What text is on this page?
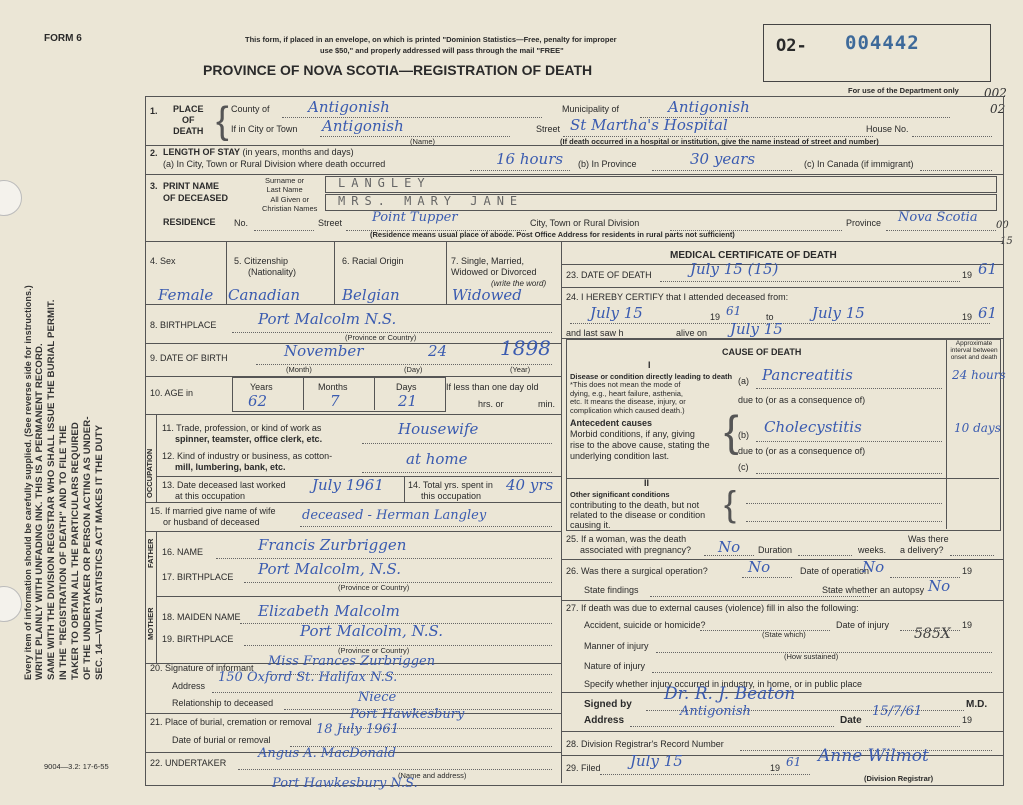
Every item of information should be carefully supplied. (See reverse side for instructions.) WRITE PLAINLY WITH UNFADING INK. THIS IS A PERMANENT RECORD. SAME WITH THE DIVISION REGISTRAR WHO SHALL ISSUE THE BURIAL PERMIT. IN THE "REGISTRATION OF DEATH" AND TO FILE THE TAKER TO OBTAIN ALL THE PARTICULARS REQUIRED OF THE UNDERTAKER OR PERSON ACTING AS UNDER- SEC. 14—VITAL STATISTICS ACT MAKES IT THE DUTY
FORM 6	This form, if placed in an envelope, on which is printed "Dominion Statistics—Free, penalty for improper
use $50," and properly addressed will pass through the mail "FREE"
PROVINCE OF NOVA SCOTIA—REGISTRATION OF DEATH
O2- 004442
For use of the Department only 002
02
00
15
1. PLACE
OF
DEATH { County of	Antigonish	Municipality of	Antigonish
If in City or Town Antigonish
(Name)
Street St Martha's Hospital	House No.
(If death occurred in a hospital or institution, give the name instead of street and number)
2. LENGTH OF STAY (in years, months and days)
(a) In City, Town or Rural Division where death occurred	16 hours (b) In Province	30 years	(c) In Canada (if immigrant)
3. PRINT NAME
OF DECEASED
Surname or
Last Name	LANGLEY
All Given or
Christian Names
MRS. MARY JANE
RESIDENCE No.	Street Point Tupper	City, Town or Rural Division	Province Nova Scotia
(Residence means usual place of abode. Post Office Address for residents in rural parts not sufficient)
4. Sex	5. Citizenship
(Nationality)
6. Racial Origin	7. Single, Married,
Widowed or Divorced
(write the word)
Female Canadian	Belgian	Widowed
8. BIRTHPLACE	Port Malcolm N.S.
(Province or Country)
9. DATE OF BIRTH	November	24	1898
(Month)	(Day)	(Year)
10. AGE in
Years	Months	Days
62	7	21
If less than one day old
hrs. or	min.
OCCUPATION
11. Trade, profession, or kind of work as
spinner, teamster, office clerk, etc.
Housewife
12. Kind of industry or business, as cotton-
mill, lumbering, bank, etc.	at home
13. Date deceased last worked
at this occupation
July 1961	14. Total yrs. spent in
this occupation
40 yrs
15. If married give name of wife
or husband of deceased	deceased - Herman Langley
FATHER 16. NAME	Francis Zurbriggen
17. BIRTHPLACE Port Malcolm, N.S.
(Province or Country)
MOTHER 18. MAIDEN NAME Elizabeth Malcolm
19. BIRTHPLACE	Port Malcolm, N.S.
(Province or Country)
20. Signature of informant Miss Frances Zurbriggen
Address
150 Oxford St. Halifax N.S.
Relationship to deceased	Niece
21. Place of burial, cremation or removal	Port Hawkesbury
Date of burial or removal
18 July 1961
22. UNDERTAKER
Angus A. MacDonald
(Name and address)
Port Hawkesbury N.S.
9004—3.2: 17-6-55
MEDICAL CERTIFICATE OF DEATH
23. DATE OF DEATH	July 15 (15)	19 61
24. I HEREBY CERTIFY that I attended deceased from:
July 15	19 61	to	July 15	19 61
and last saw h	alive on July 15
CAUSE OF DEATH
Approximate interval between onset and death
I
Disease or condition directly leading to death
*This does not mean the mode of
dying, e.g., heart failure, asthenia,
etc. It means the disease, injury, or
complication which caused death.)
(a) Pancreatitis	24 hours
due to (or as a consequence of)
Antecedent causes
Morbid conditions, if any, giving
rise to the above cause, stating the
underlying condition last.	{ (b) Cholecystitis	10 days
due to (or as a consequence of)
(c)
II
Other significant conditions
contributing to the death, but not
related to the disease or condition
causing it.
{
25. If a woman, was the death
associated with pregnancy? No Duration	weeks.
Was there
a delivery?
26. Was there a surgical operation?	No	Date of operation
No	19
State findings	State whether an autopsy No
27. If death was due to external causes (violence) fill in also the following:
Accident, suicide or homicide?
(State which)
Date of injury	19
Manner of injury
585X
(How sustained)
Nature of injury
Specify whether injury occurred in industry, in home, or in public place
Signed by
Dr. R. J. Beaton
M.D.
Address
Antigonish
Date
15/7/61
19
28. Division Registrar's Record Number
29. Filed July 15	19 61 Anne Wilmot
(Division Registrar)
